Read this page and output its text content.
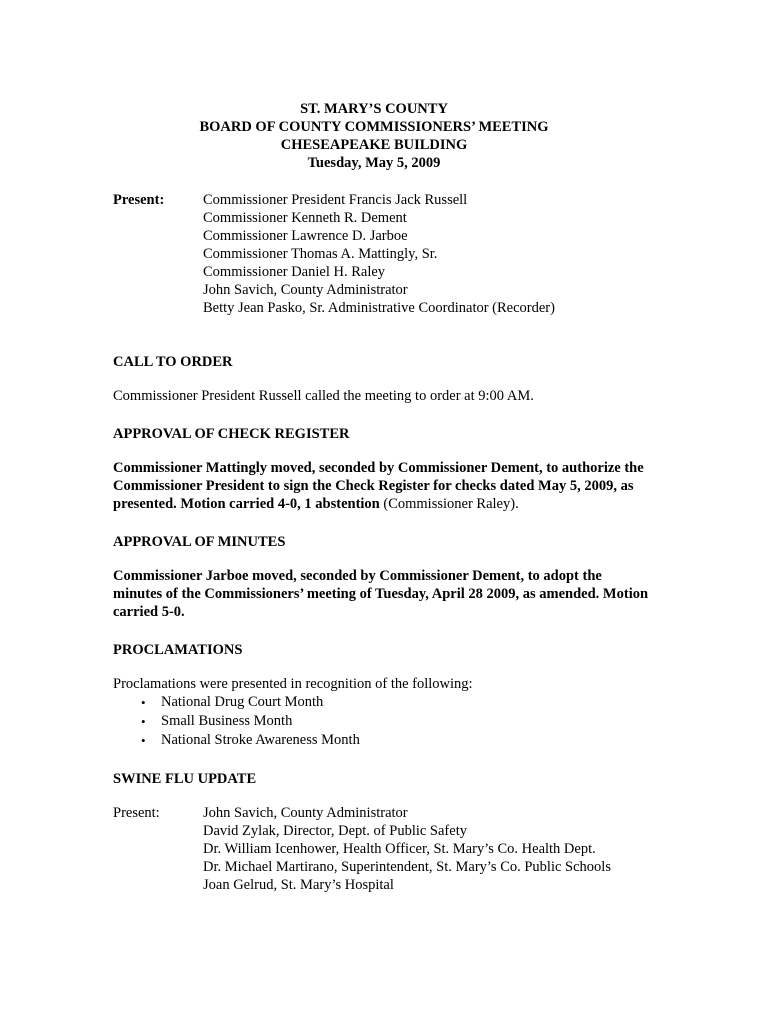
ST. MARY’S COUNTY
BOARD OF COUNTY COMMISSIONERS’ MEETING
CHESEAPEAKE BUILDING
Tuesday, May 5, 2009
Present:	Commissioner President Francis Jack Russell
Commissioner Kenneth R. Dement
Commissioner Lawrence D. Jarboe
Commissioner Thomas A. Mattingly, Sr.
Commissioner Daniel H. Raley
John Savich, County Administrator
Betty Jean Pasko, Sr. Administrative Coordinator (Recorder)
CALL TO ORDER
Commissioner President Russell called the meeting to order at 9:00 AM.
APPROVAL OF CHECK REGISTER
Commissioner Mattingly moved, seconded by Commissioner Dement, to authorize the Commissioner President to sign the Check Register for checks dated May 5, 2009, as presented. Motion carried 4-0, 1 abstention (Commissioner Raley).
APPROVAL OF MINUTES
Commissioner Jarboe moved, seconded by Commissioner Dement, to adopt the minutes of the Commissioners’ meeting of Tuesday, April 28 2009, as amended. Motion carried 5-0.
PROCLAMATIONS
Proclamations were presented in recognition of the following:
• National Drug Court Month
• Small Business Month
• National Stroke Awareness Month
SWINE FLU UPDATE
Present:	John Savich, County Administrator
David Zylak, Director, Dept. of Public Safety
Dr. William Icenhower, Health Officer, St. Mary’s Co. Health Dept.
Dr. Michael Martirano, Superintendent, St. Mary’s Co. Public Schools
Joan Gelrud, St. Mary’s Hospital
